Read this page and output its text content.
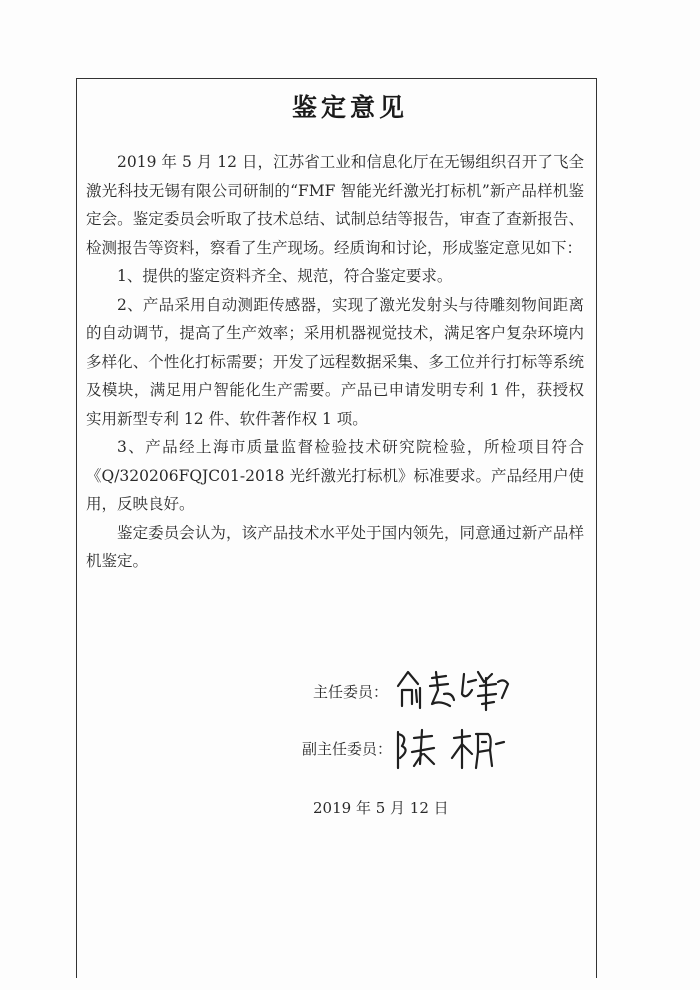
鉴定意见

2019 年 5 月 12 日，江苏省工业和信息化厅在无锡组织召开了飞全激光科技无锡有限公司研制的“FMF 智能光纤激光打标机”新产品样机鉴定会。鉴定委员会听取了技术总结、试制总结等报告，审查了查新报告、检测报告等资料，察看了生产现场。经质询和讨论，形成鉴定意见如下：

1、提供的鉴定资料齐全、规范，符合鉴定要求。

2、产品采用自动测距传感器，实现了激光发射头与待雕刻物间距离的自动调节，提高了生产效率；采用机器视觉技术，满足客户复杂环境内多样化、个性化打标需要；开发了远程数据采集、多工位并行打标等系统及模块，满足用户智能化生产需要。产品已申请发明专利 1 件，获授权实用新型专利 12 件、软件著作权 1 项。

3、产品经上海市质量监督检验技术研究院检验，所检项目符合《Q/320206FQJC01-2018 光纤激光打标机》标准要求。产品经用户使用，反映良好。

鉴定委员会认为，该产品技术水平处于国内领先，同意通过新产品样机鉴定。

主任委员：
副主任委员：
2019 年 5 月 12 日
